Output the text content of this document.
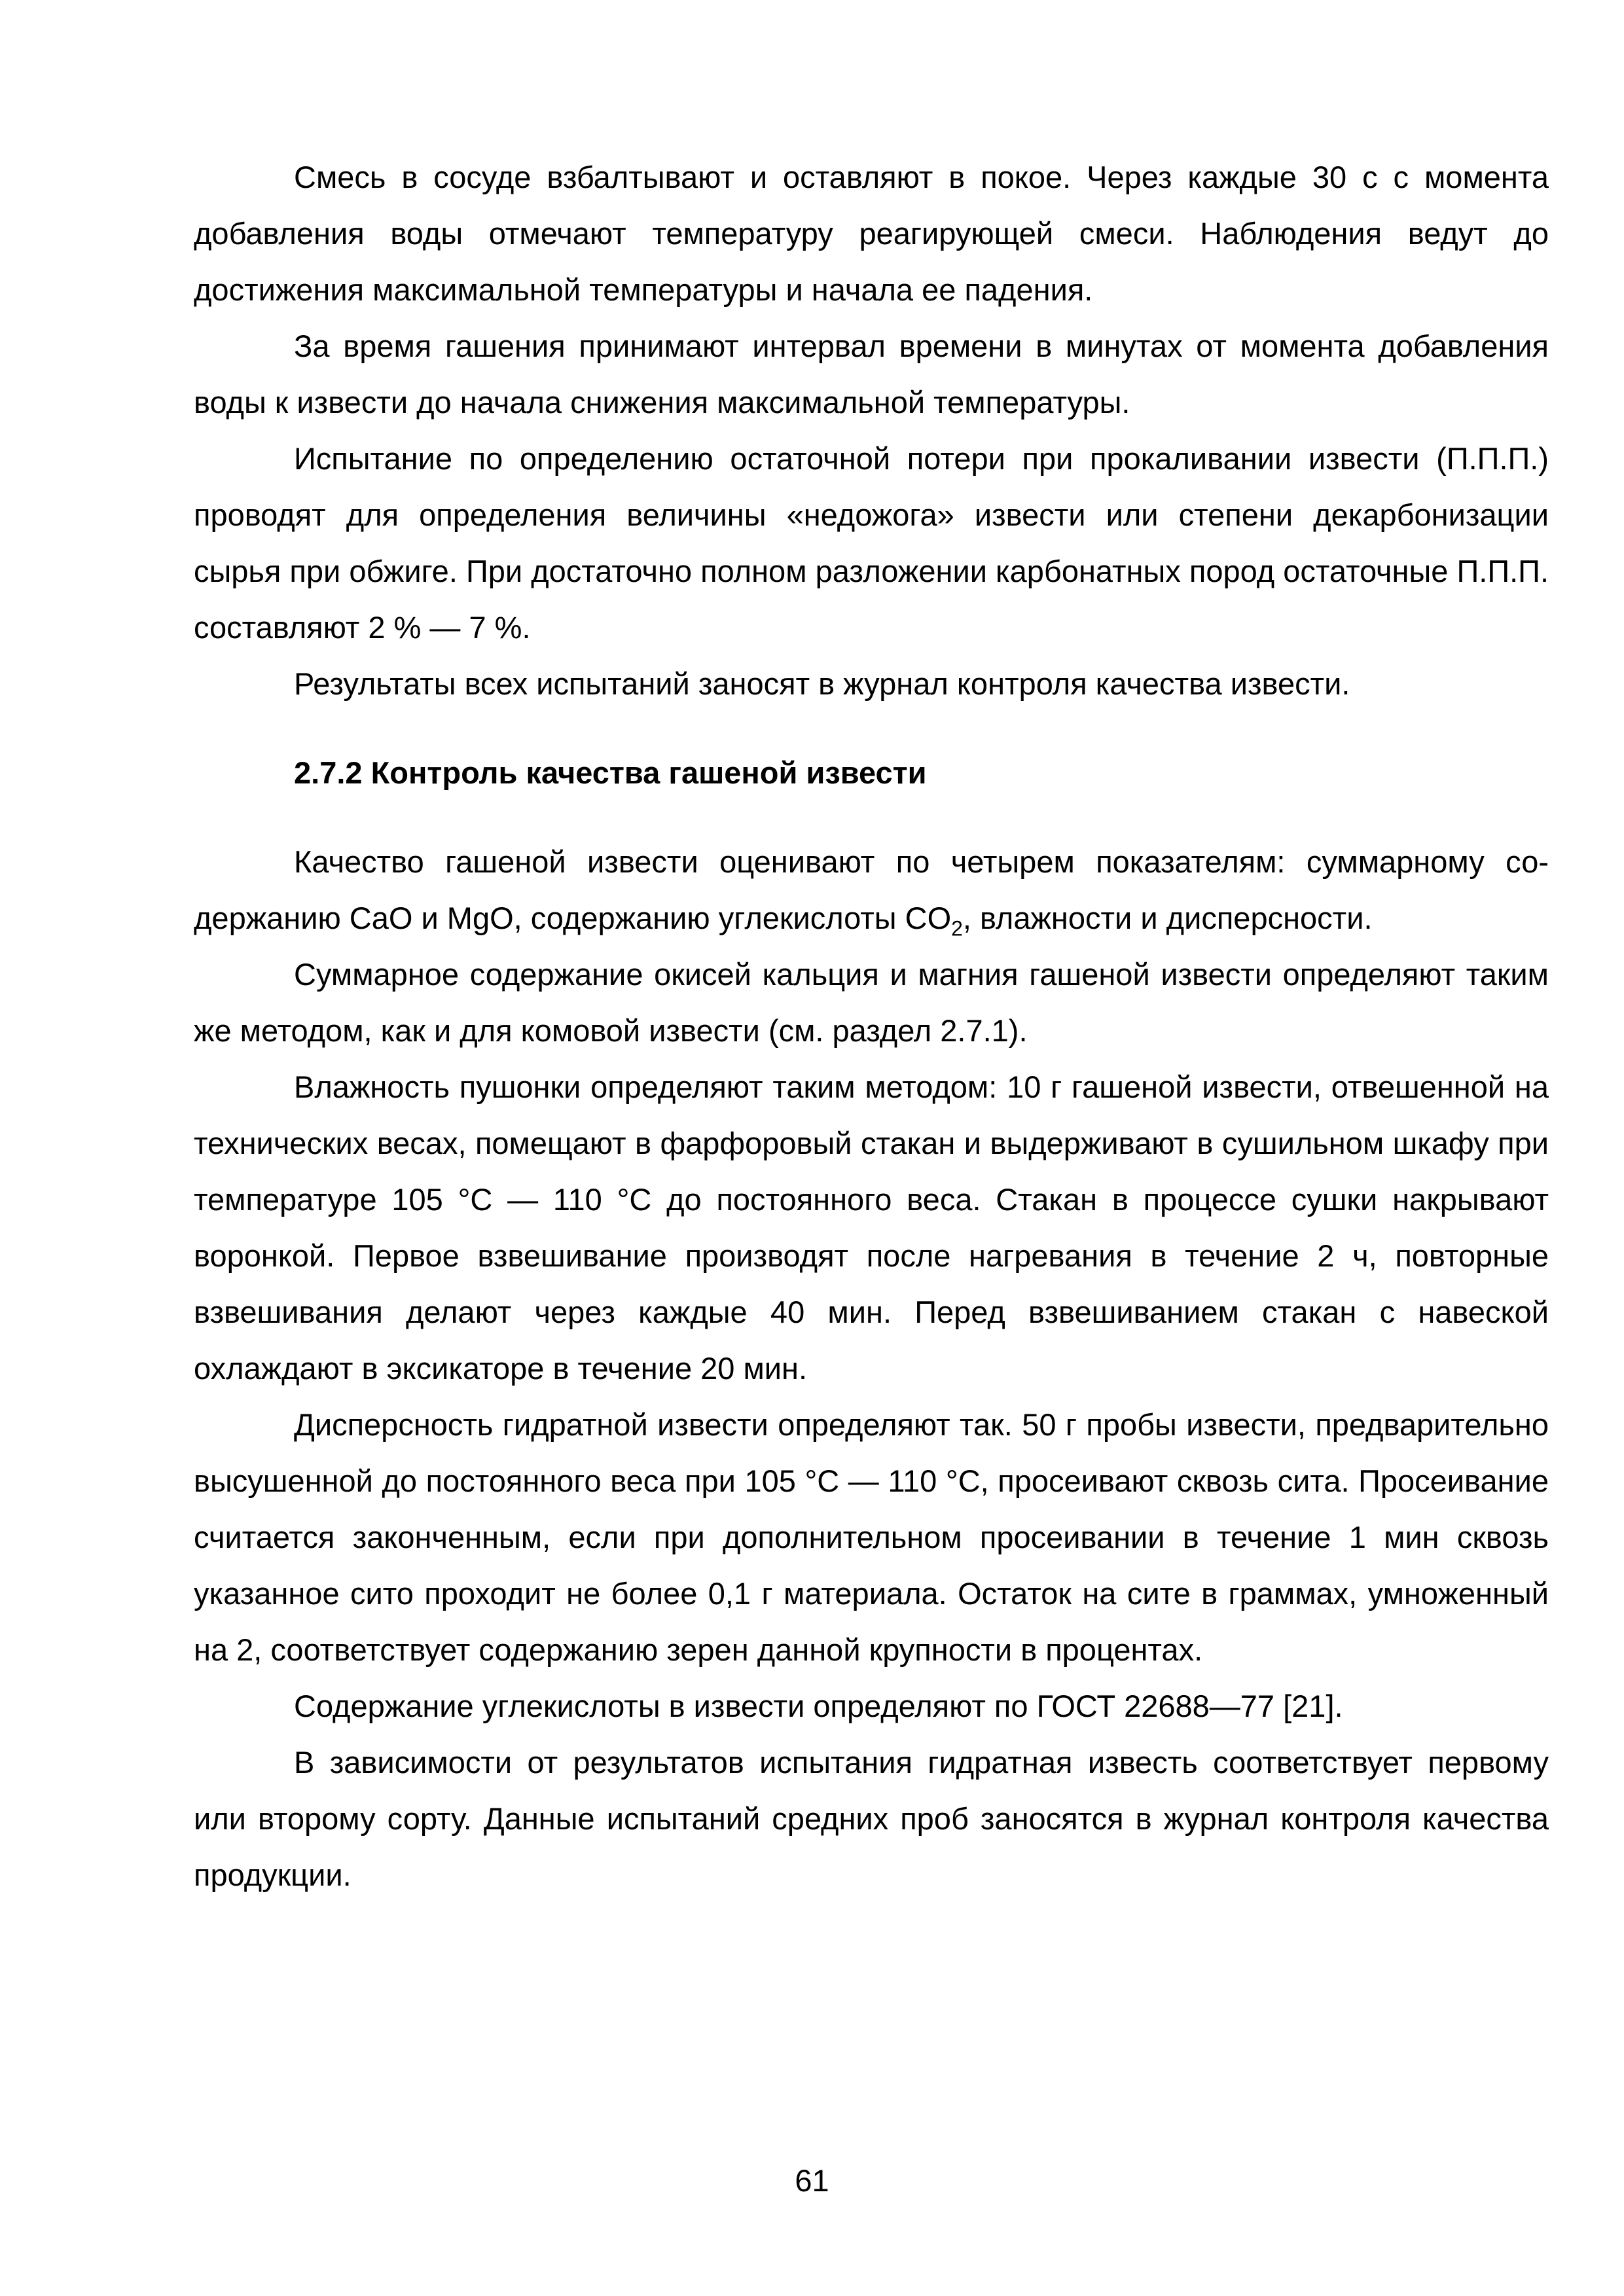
Смесь в сосуде взбалтывают и оставляют в покое. Через каждые 30 с с момента добавления воды отмечают температуру реагирующей смеси. Наблюдения ведут до достижения максимальной температуры и начала ее падения.

За время гашения принимают интервал времени в минутах от момента добавления воды к извести до начала снижения максимальной температуры.

Испытание по определению остаточной потери при прокаливании извести (П.П.П.) проводят для определения величины «недожога» извести или степени декарбонизации сырья при обжиге. При достаточно полном разложении карбонатных пород остаточные П.П.П. составляют 2 % — 7 %.

Результаты всех испытаний заносят в журнал контроля качества извести.

2.7.2 Контроль качества гашеной извести

Качество гашеной извести оценивают по четырем показателям: суммарному содержанию CaO и MgO, содержанию углекислоты $CO_2$, влажности и дисперсности.

Суммарное содержание окисей кальция и магния гашеной извести определяют таким же методом, как и для комовой извести (см. раздел 2.7.1).

Влажность пушонки определяют таким методом: 10 г гашеной извести, отвешенной на технических весах, помещают в фарфоровый стакан и выдерживают в сушильном шкафу при температуре 105 °С — 110 °С до постоянного веса. Стакан в процессе сушки накрывают воронкой. Первое взвешивание производят после нагревания в течение 2 ч, повторные взвешивания делают через каждые 40 мин. Перед взвешиванием стакан с навеской охлаждают в эксикаторе в течение 20 мин.

Дисперсность гидратной извести определяют так. 50 г пробы извести, предварительно высушенной до постоянного веса при 105 °С — 110 °С, просеивают сквозь сита. Просеивание считается законченным, если при дополнительном просеивании в течение 1 мин сквозь указанное сито проходит не более 0,1 г материала. Остаток на сите в граммах, умноженный на 2, соответствует содержанию зерен данной крупности в процентах.

Содержание углекислоты в извести определяют по ГОСТ 22688—77 [21].

В зависимости от результатов испытания гидратная известь соответствует первому или второму сорту. Данные испытаний средних проб заносятся в журнал контроля качества продукции.

61
